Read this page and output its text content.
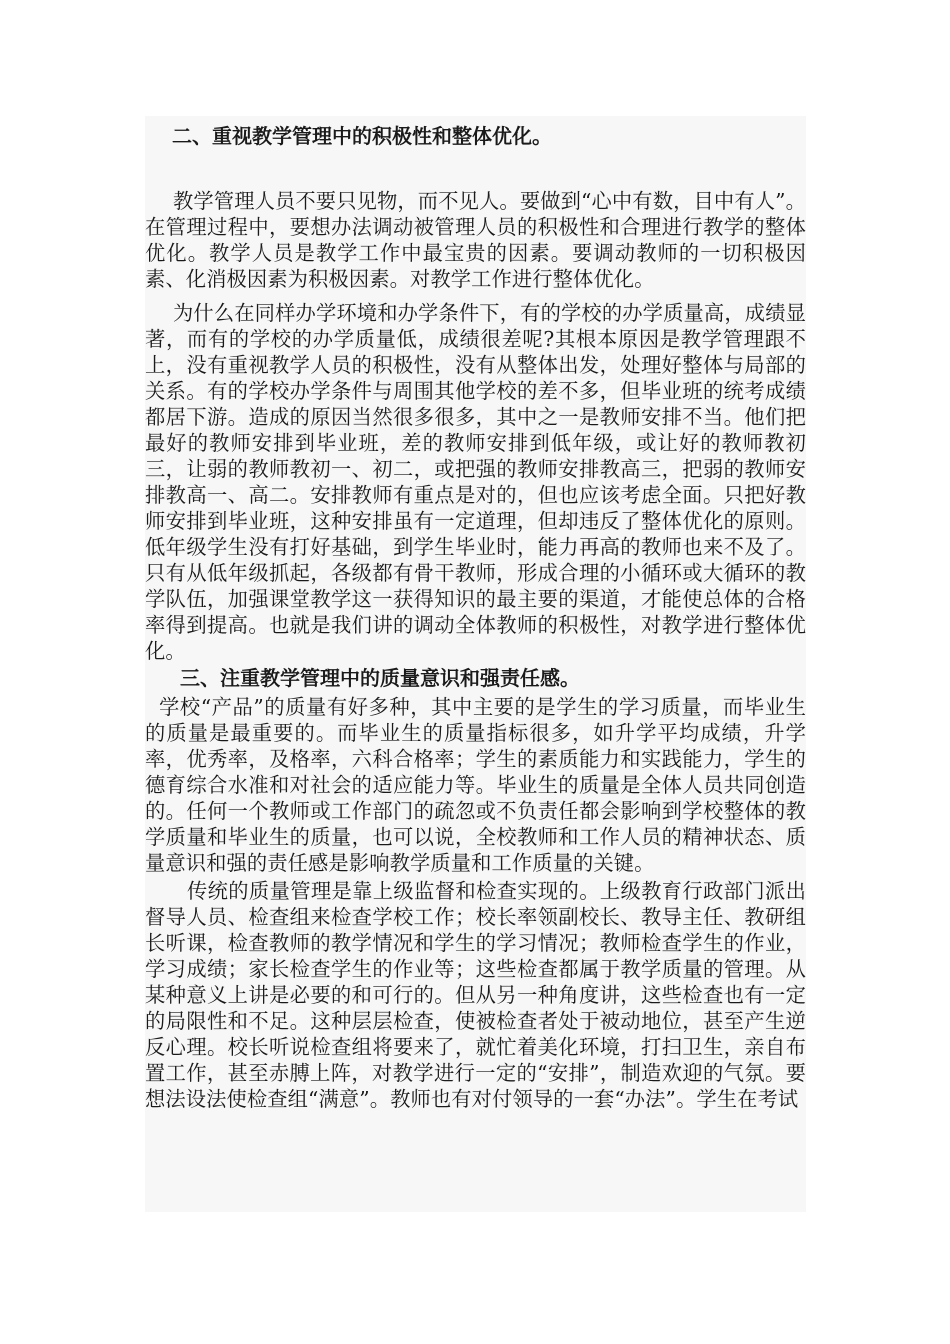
二、重视教学管理中的积极性和整体优化。

教学管理人员不要只见物，而不见人。要做到“心中有数，目中有人”。在管理过程中，要想办法调动被管理人员的积极性和合理进行教学的整体优化。教学人员是教学工作中最宝贵的因素。要调动教师的一切积极因素、化消极因素为积极因素。对教学工作进行整体优化。

为什么在同样办学环境和办学条件下，有的学校的办学质量高，成绩显著，而有的学校的办学质量低，成绩很差呢?其根本原因是教学管理跟不上，没有重视教学人员的积极性，没有从整体出发，处理好整体与局部的关系。有的学校办学条件与周围其他学校的差不多，但毕业班的统考成绩都居下游。造成的原因当然很多很多，其中之一是教师安排不当。他们把最好的教师安排到毕业班，差的教师安排到低年级，或让好的教师教初三，让弱的教师教初一、初二，或把强的教师安排教高三，把弱的教师安排教高一、高二。安排教师有重点是对的，但也应该考虑全面。只把好教师安排到毕业班，这种安排虽有一定道理，但却违反了整体优化的原则。低年级学生没有打好基础，到学生毕业时，能力再高的教师也来不及了。只有从低年级抓起，各级都有骨干教师，形成合理的小循环或大循环的教学队伍，加强课堂教学这一获得知识的最主要的渠道，才能使总体的合格率得到提高。也就是我们讲的调动全体教师的积极性，对教学进行整体优化。

三、注重教学管理中的质量意识和强责任感。

学校“产品”的质量有好多种，其中主要的是学生的学习质量，而毕业生的质量是最重要的。而毕业生的质量指标很多，如升学平均成绩，升学率，优秀率，及格率，六科合格率；学生的素质能力和实践能力，学生的德育综合水准和对社会的适应能力等。毕业生的质量是全体人员共同创造的。任何一个教师或工作部门的疏忽或不负责任都会影响到学校整体的教学质量和毕业生的质量，也可以说，全校教师和工作人员的精神状态、质量意识和强的责任感是影响教学质量和工作质量的关键。

传统的质量管理是靠上级监督和检查实现的。上级教育行政部门派出督导人员、检查组来检查学校工作；校长率领副校长、教导主任、教研组长听课，检查教师的教学情况和学生的学习情况；教师检查学生的作业，学习成绩；家长检查学生的作业等；这些检查都属于教学质量的管理。从某种意义上讲是必要的和可行的。但从另一种角度讲，这些检查也有一定的局限性和不足。这种层层检查，使被检查者处于被动地位，甚至产生逆反心理。校长听说检查组将要来了，就忙着美化环境，打扫卫生，亲自布置工作，甚至赤膊上阵，对教学进行一定的“安排”，制造欢迎的气氛。要想法设法使检查组“满意”。教师也有对付领导的一套“办法”。学生在考试
